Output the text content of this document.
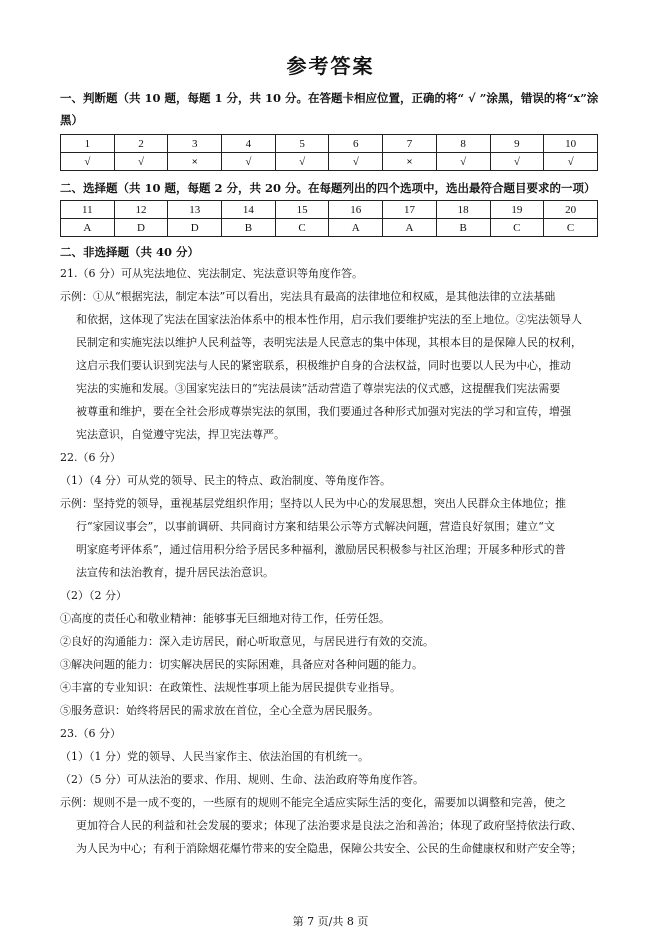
参考答案
一、判断题（共 10 题，每题 1 分，共 10 分。在答题卡相应位置，正确的将“ √ ”涂黑，错误的将“x”涂
黑）
1	2	3	4	5	6	7	8	9	10
√	√	×	√	√	√	×	√	√	√
二、选择题（共 10 题，每题 2 分，共 20 分。在每题列出的四个选项中，选出最符合题目要求的一项）
11	12	13	14	15	16	17	18	19	20
A	D	D	B	C	A	A	B	C	C
二、非选择题（共 40 分）
21.（6 分）可从宪法地位、宪法制定、宪法意识等角度作答。
示例：①从“根据宪法，制定本法”可以看出，宪法具有最高的法律地位和权威，是其他法律的立法基础
和依据，这体现了宪法在国家法治体系中的根本性作用，启示我们要维护宪法的至上地位。②宪法领导人
民制定和实施宪法以维护人民利益等，表明宪法是人民意志的集中体现，其根本目的是保障人民的权利，
这启示我们要认识到宪法与人民的紧密联系，积极维护自身的合法权益，同时也要以人民为中心，推动
宪法的实施和发展。③国家宪法日的“宪法晨读”活动营造了尊崇宪法的仪式感，这提醒我们宪法需要
被尊重和维护，要在全社会形成尊崇宪法的氛围，我们要通过各种形式加强对宪法的学习和宣传，增强
宪法意识，自觉遵守宪法，捍卫宪法尊严。
22.（6 分）
（1）（4 分）可从党的领导、民主的特点、政治制度、等角度作答。
示例：坚持党的领导，重视基层党组织作用；坚持以人民为中心的发展思想，突出人民群众主体地位；推
行“家园议事会”，以事前调研、共同商讨方案和结果公示等方式解决问题，营造良好氛围；建立“文
明家庭考评体系”，通过信用积分给予居民多种福利，激励居民积极参与社区治理；开展多种形式的普
法宣传和法治教育，提升居民法治意识。
（2）（2 分）
①高度的责任心和敬业精神：能够事无巨细地对待工作，任劳任怨。
②良好的沟通能力：深入走访居民，耐心听取意见，与居民进行有效的交流。
③解决问题的能力：切实解决居民的实际困难，具备应对各种问题的能力。
④丰富的专业知识：在政策性、法规性事项上能为居民提供专业指导。
⑤服务意识：始终将居民的需求放在首位，全心全意为居民服务。
23.（6 分）
（1）（1 分）党的领导、人民当家作主、依法治国的有机统一。
（2）（5 分）可从法治的要求、作用、规则、生命、法治政府等角度作答。
示例：规则不是一成不变的，一些原有的规则不能完全适应实际生活的变化，需要加以调整和完善，使之
更加符合人民的利益和社会发展的要求；体现了法治要求是良法之治和善治；体现了政府坚持依法行政、
为人民为中心；有利于消除烟花爆竹带来的安全隐患，保障公共安全、公民的生命健康权和财产安全等；
第 7 页/共 8 页
